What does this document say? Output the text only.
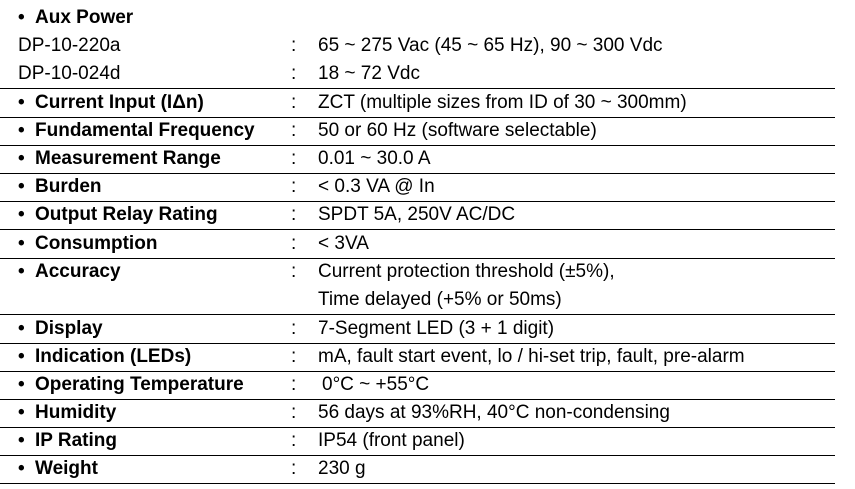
• Aux Power
DP-10-220a	: 65 ~ 275 Vac (45 ~ 65 Hz), 90 ~ 300 Vdc
DP-10-024d	: 18 ~ 72 Vdc
• Current Input (IΔn)	: ZCT (multiple sizes from ID of 30 ~ 300mm)
• Fundamental Frequency : 50 or 60 Hz (software selectable)
• Measurement Range	: 0.01 ~ 30.0 A
• Burden	: < 0.3 VA @ In
• Output Relay Rating	: SPDT 5A, 250V AC/DC
• Consumption	: < 3VA
• Accuracy	: Current protection threshold (±5%),
Time delayed (+5% or 50ms)
• Display	: 7-Segment LED (3 + 1 digit)
• Indication (LEDs)	: mA, fault start event, lo / hi-set trip, fault, pre-alarm
• Operating Temperature : 0°C ~ +55°C
• Humidity	: 56 days at 93%RH, 40°C non-condensing
• IP Rating	: IP54 (front panel)
• Weight	: 230 g
